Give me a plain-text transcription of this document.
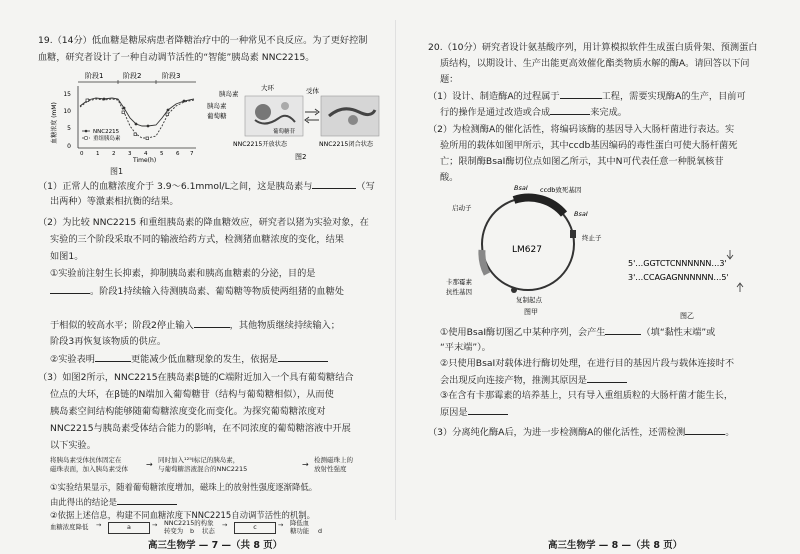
19.（14分）低血糖是糖尿病患者降糖治疗中的一种常见不良反应。为了更好控制
血糖，研究者设计了一种自动调节活性的“智能”胰岛素 NNC2215。
阶段1	阶段2	阶段3
血糖浓度 (mM)
15
10
5
0
NNC2215
重组胰岛素
0 1 2 3 4 5 6 7
Time(h)
图1
胰岛素
大环
胰岛素
葡萄糖
葡萄糖苷
受体
NNC2215开放状态	NNC2215闭合状态
图2
（1）正常人的血糖浓度介于 3.9～6.1mmol/L之间，这是胰岛素与	（写
出两种）等激素相抗衡的结果。
（2）为比较 NNC2215 和重组胰岛素的降血糖效应，研究者以猪为实验对象，在
实验的三个阶段采取不同的输液给药方式，检测猪血糖浓度的变化，结果
如图1。
①实验前注射生长抑素，抑制胰岛素和胰高血糖素的分泌，目的是
。阶段1持续输入待测胰岛素、葡萄糖等物质使两组猪的血糖处
于相似的较高水平；阶段2停止输入	，其他物质继续持续输入；
阶段3再恢复该物质的供应。
②实验表明	更能减少低血糖现象的发生，依据是
（3）如图2所示，NNC2215在胰岛素β链的C端附近加入一个具有葡萄糖结合
位点的大环，在β链的N端加入葡萄糖苷（结构与葡萄糖相似），从而使
胰岛素空间结构能够随葡萄糖浓度变化而变化。为探究葡萄糖浓度对
NNC2215与胰岛素受体结合能力的影响，在不同浓度的葡萄糖溶液中开展
以下实验。
将胰岛素受体抗体固定在
磁珠表面，加入胰岛素受体 → 同时加入¹²⁵I标记的胰岛素，
与葡萄糖溶液混合的NNC2215	→ 检测磁珠上的
放射性强度
①实验结果显示，随着葡萄糖浓度增加，磁珠上的放射性强度逐渐降低。
由此得出的结论是
②依据上述信息，构建不同血糖浓度下NNC2215自动调节活性的机制。
血糖浓度降低 →	a	→ NNC2215的构象
转变为 b 状态
→	c	→ 降低血
糖功能 d
高三生物学 — 7 —（共 8 页）
20.（10分）研究者设计氨基酸序列，用计算模拟软件生成蛋白质骨架、预测蛋白
质结构，以期设计、生产出能更高效催化酯类物质水解的酶A。请回答以下问
题：
（1）设计、制造酶A的过程属于	工程，需要实现酶A的生产，目前可
行的操作是通过改造或合成	来完成。
（2）为检测酶A的催化活性，将编码该酶的基因导入大肠杆菌进行表达。实
验所用的载体如图甲所示，其中ccdb基因编码的毒性蛋白可使大肠杆菌死
亡；限制酶BsaI酶切位点如图乙所示，其中N可代表任意一种脱氧核苷
酸。
BsaI ccdb致死基因
BsaI
启动子
终止子
LM627
卡那霉素
抗性基因
复制起点
图甲
5'…GGTCTCNNNNNN…3'
3'…CCAGAGNNNNNN…5'
图乙
①使用BsaI酶切图乙中某种序列，会产生	（填“黏性末端”或
“平末端”）。
②只使用BsaI对载体进行酶切处理，在进行目的基因片段与载体连接时不
会出现反向连接产物，推测其原因是
③在含有卡那霉素的培养基上，只有导入重组质粒的大肠杆菌才能生长，
原因是
（3）分离纯化酶A后，为进一步检测酶A的催化活性，还需检测	。
高三生物学 — 8 —（共 8 页）
